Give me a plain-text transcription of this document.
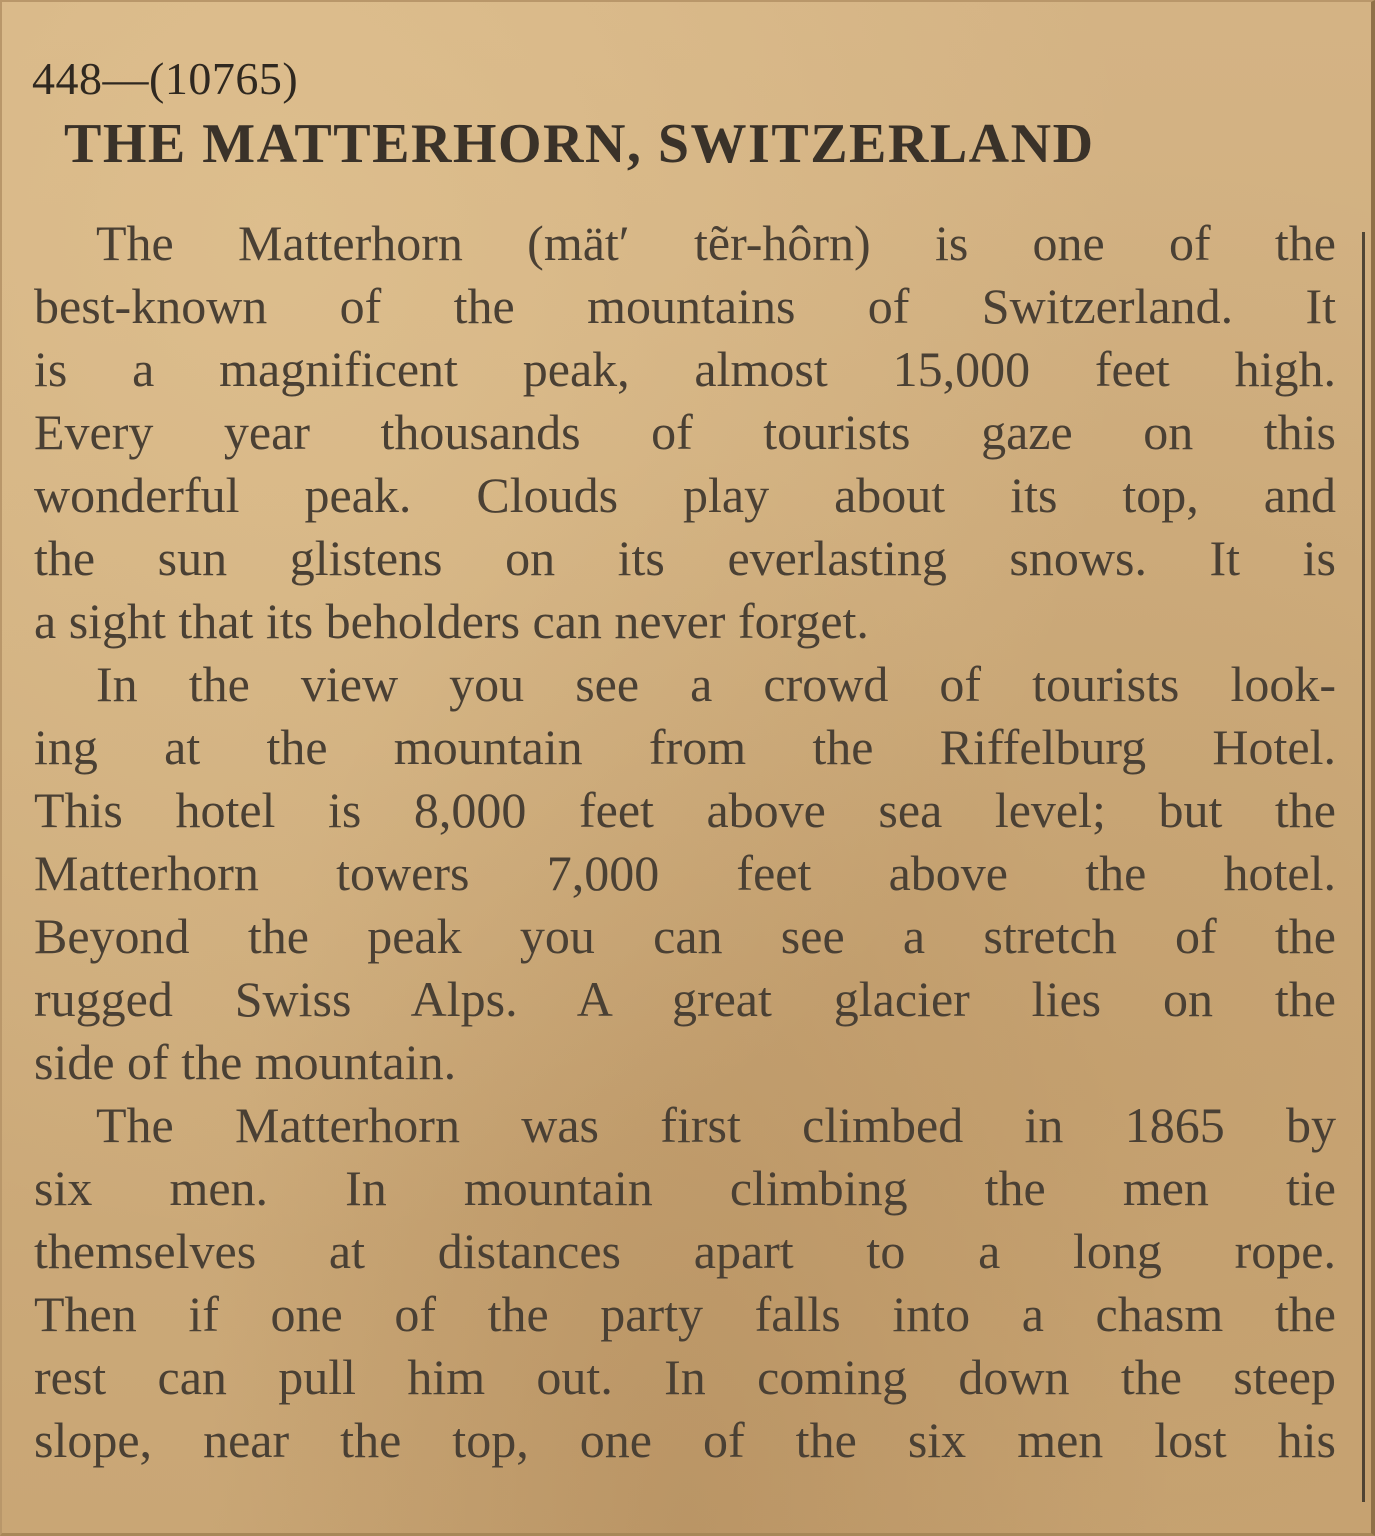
448—(10765)
THE MATTERHORN, SWITZERLAND
The Matterhorn (mät′ tẽr-hôrn) is one of the
best-known of the mountains of Switzerland. It
is a magnificent peak, almost 15,000 feet high.
Every year thousands of tourists gaze on this
wonderful peak. Clouds play about its top, and
the sun glistens on its everlasting snows. It is
a sight that its beholders can never forget.
In the view you see a crowd of tourists look-
ing at the mountain from the Riffelburg Hotel.
This hotel is 8,000 feet above sea level; but the
Matterhorn towers 7,000 feet above the hotel.
Beyond the peak you can see a stretch of the
rugged Swiss Alps. A great glacier lies on the
side of the mountain.
The Matterhorn was first climbed in 1865 by
six men. In mountain climbing the men tie
themselves at distances apart to a long rope.
Then if one of the party falls into a chasm the
rest can pull him out. In coming down the steep
slope, near the top, one of the six men lost his
